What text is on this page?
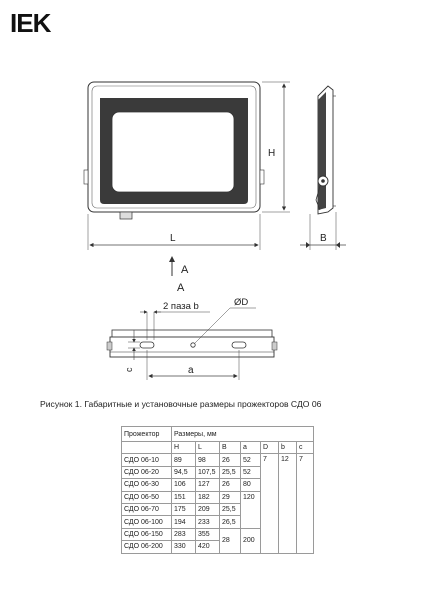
IEK
H
L
A
B
A
2 паза b	ØD
c	a
Рисунок 1. Габаритные и установочные размеры прожекторов СДО 06
Прожектор	Размеры, мм						
	H	L	B	a	D	b	c
СДО 06-10	89	98	26	52	7	12	7
СДО 06-20	94,5	107,5	25,5	52			
СДО 06-30	106	127	26	80			
СДО 06-50	151	182	29	120			
СДО 06-70	175	209	25,5				
СДО 06-100	194	233	26,5				
СДО 06-150	283	355	28	200			
СДО 06-200	330	420					
